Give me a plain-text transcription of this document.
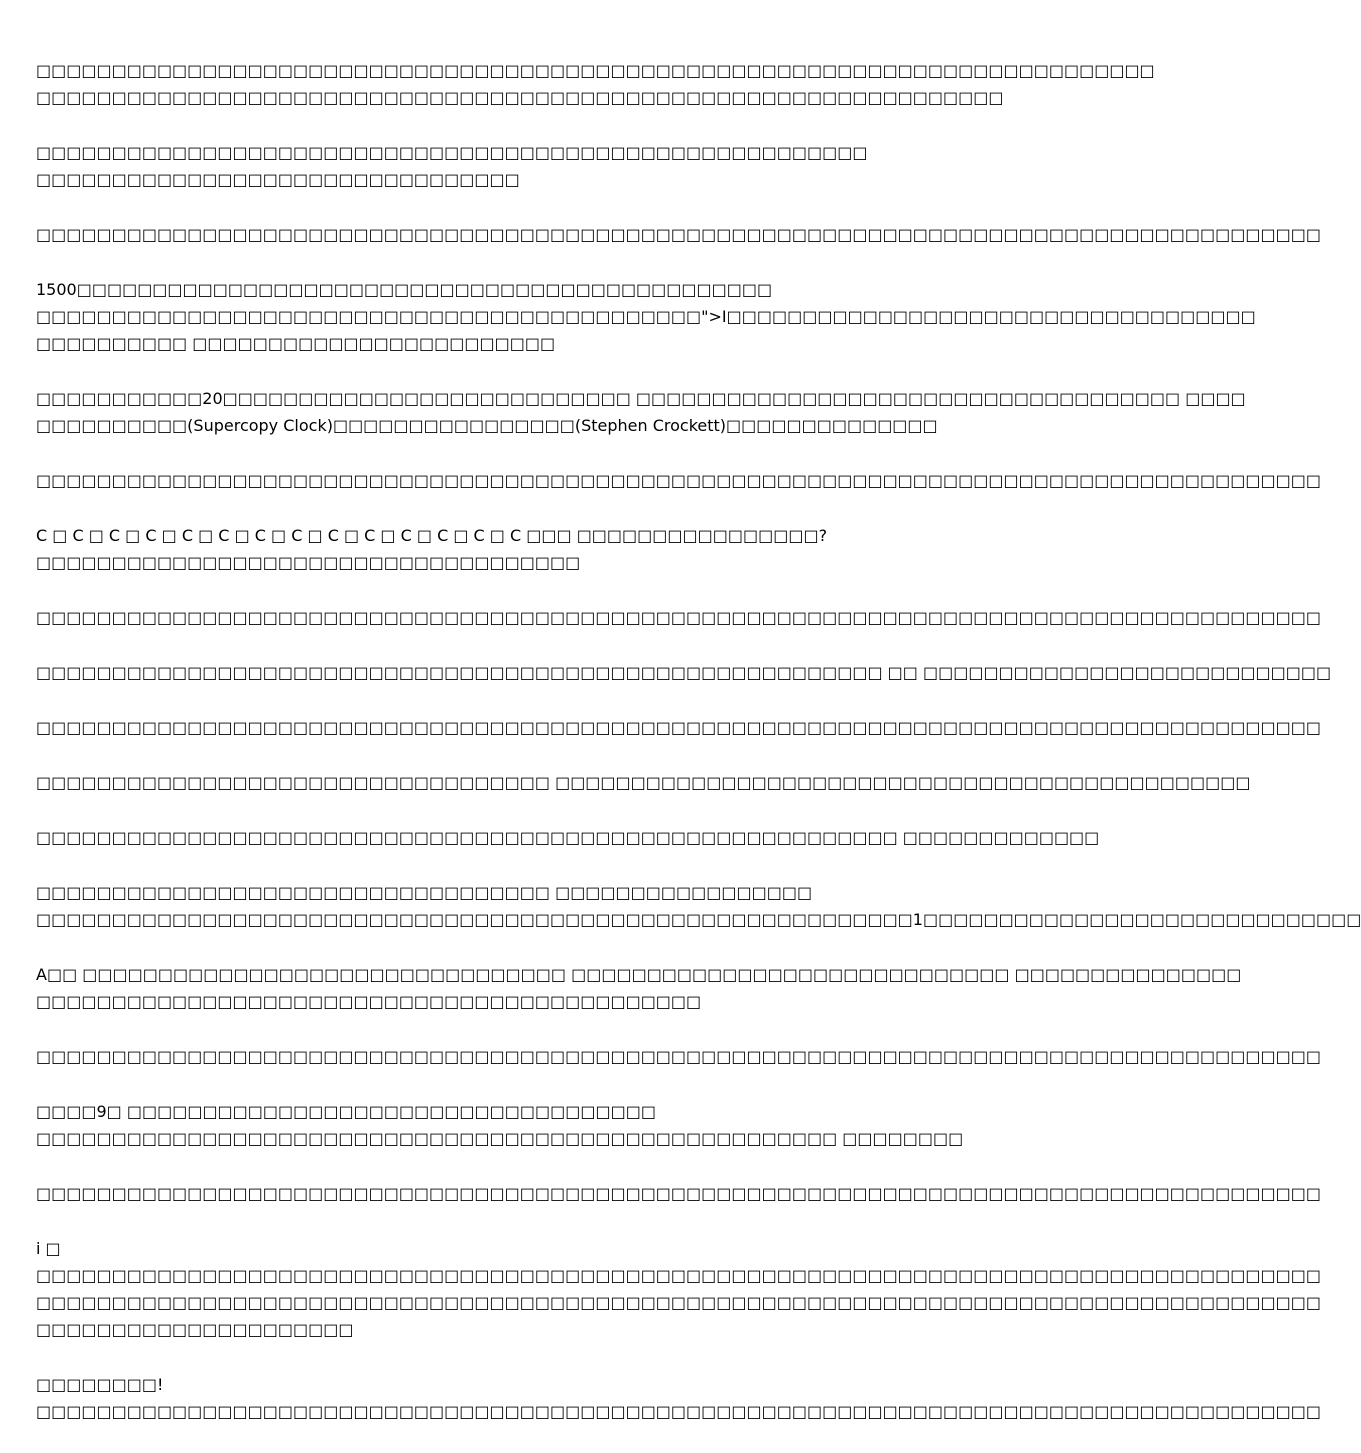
□□□□□□□□□□□□□□□□□□□□□□□□□□□□□□□□□□□□□□□□□□□□□□□□□□□□□□□□□□□□□□□□□□□□□□□□□□
□□□□□□□□□□□□□□□□□□□□□□□□□□□□□□□□□□□□□□□□□□□□□□□□□□□□□□□□□□□□□□□□
□□□□□□□□□□□□□□□□□□□□□□□□□□□□□□□□□□□□□□□□□□□□□□□□□□□□□□□
□□□□□□□□□□□□□□□□□□□□□□□□□□□□□□□□
□□□□□□□□□□□□□□□□□□□□□□□□□□□□□□□□□□□□□□□□□□□□□□□□□□□□□□□□□□□□□□□□□□□□□□□□□□□□□□□□□□□□□
1500□□□□□□□□□□□□□□□□□□□□□□□□□□□□□□□□□□□□□□□□□□□□□□
□□□□□□□□□□□□□□□□□□□□□□□□□□□□□□□□□□□□□□□□□□□□">I□□□□□□□□□□□□□□□□□□□□□□□□□□□□□□□□□□□
□□□□□□□□□□ □□□□□□□□□□□□□□□□□□□□□□□□
□□□□□□□□□□□20□□□□□□□□□□□□□□□□□□□□□□□□□□□ □□□□□□□□□□□□□□□□□□□□□□□□□□□□□□□□□□□□ □□□□
□□□□□□□□□□(Supercopy Clock)□□□□□□□□□□□□□□□□(Stephen Crockett)□□□□□□□□□□□□□□
□□□□□□□□□□□□□□□□□□□□□□□□□□□□□□□□□□□□□□□□□□□□□□□□□□□□□□□□□□□□□□□□□□□□□□□□□□□□□□□□□□□□□
C □ C □ C □ C □ C □ C □ C □ C □ C □ C □ C □ C □ C □ C □□□ □□□□□□□□□□□□□□□□?
□□□□□□□□□□□□□□□□□□□□□□□□□□□□□□□□□□□□
□□□□□□□□□□□□□□□□□□□□□□□□□□□□□□□□□□□□□□□□□□□□□□□□□□□□□□□□□□□□□□□□□□□□□□□□□□□□□□□□□□□□□
□□□□□□□□□□□□□□□□□□□□□□□□□□□□□□□□□□□□□□□□□□□□□□□□□□□□□□□□ □□ □□□□□□□□□□□□□□□□□□□□□□□□□□□
□□□□□□□□□□□□□□□□□□□□□□□□□□□□□□□□□□□□□□□□□□□□□□□□□□□□□□□□□□□□□□□□□□□□□□□□□□□□□□□□□□□□□
□□□□□□□□□□□□□□□□□□□□□□□□□□□□□□□□□□ □□□□□□□□□□□□□□□□□□□□□□□□□□□□□□□□□□□□□□□□□□□□□□
□□□□□□□□□□□□□□□□□□□□□□□□□□□□□□□□□□□□□□□□□□□□□□□□□□□□□□□□□ □□□□□□□□□□□□□
□□□□□□□□□□□□□□□□□□□□□□□□□□□□□□□□□□ □□□□□□□□□□□□□□□□□
□□□□□□□□□□□□□□□□□□□□□□□□□□□□□□□□□□□□□□□□□□□□□□□□□□□□□□□□□□1□□□□□□□□□□□□□□□□□□□□□□□□□□□□□
A□□ □□□□□□□□□□□□□□□□□□□□□□□□□□□□□□□□ □□□□□□□□□□□□□□□□□□□□□□□□□□□□□ □□□□□□□□□□□□□□□
□□□□□□□□□□□□□□□□□□□□□□□□□□□□□□□□□□□□□□□□□□□□
□□□□□□□□□□□□□□□□□□□□□□□□□□□□□□□□□□□□□□□□□□□□□□□□□□□□□□□□□□□□□□□□□□□□□□□□□□□□□□□□□□□□□
□□□□9□ □□□□□□□□□□□□□□□□□□□□□□□□□□□□□□□□□□□
□□□□□□□□□□□□□□□□□□□□□□□□□□□□□□□□□□□□□□□□□□□□□□□□□□□□□ □□□□□□□□
□□□□□□□□□□□□□□□□□□□□□□□□□□□□□□□□□□□□□□□□□□□□□□□□□□□□□□□□□□□□□□□□□□□□□□□□□□□□□□□□□□□□□
i □
□□□□□□□□□□□□□□□□□□□□□□□□□□□□□□□□□□□□□□□□□□□□□□□□□□□□□□□□□□□□□□□□□□□□□□□□□□□□□□□□□□□□□
□□□□□□□□□□□□□□□□□□□□□□□□□□□□□□□□□□□□□□□□□□□□□□□□□□□□□□□□□□□□□□□□□□□□□□□□□□□□□□□□□□□□□
□□□□□□□□□□□□□□□□□□□□□
□□□□□□□□!
□□□□□□□□□□□□□□□□□□□□□□□□□□□□□□□□□□□□□□□□□□□□□□□□□□□□□□□□□□□□□□□□□□□□□□□□□□□□□□□□□□□□□
